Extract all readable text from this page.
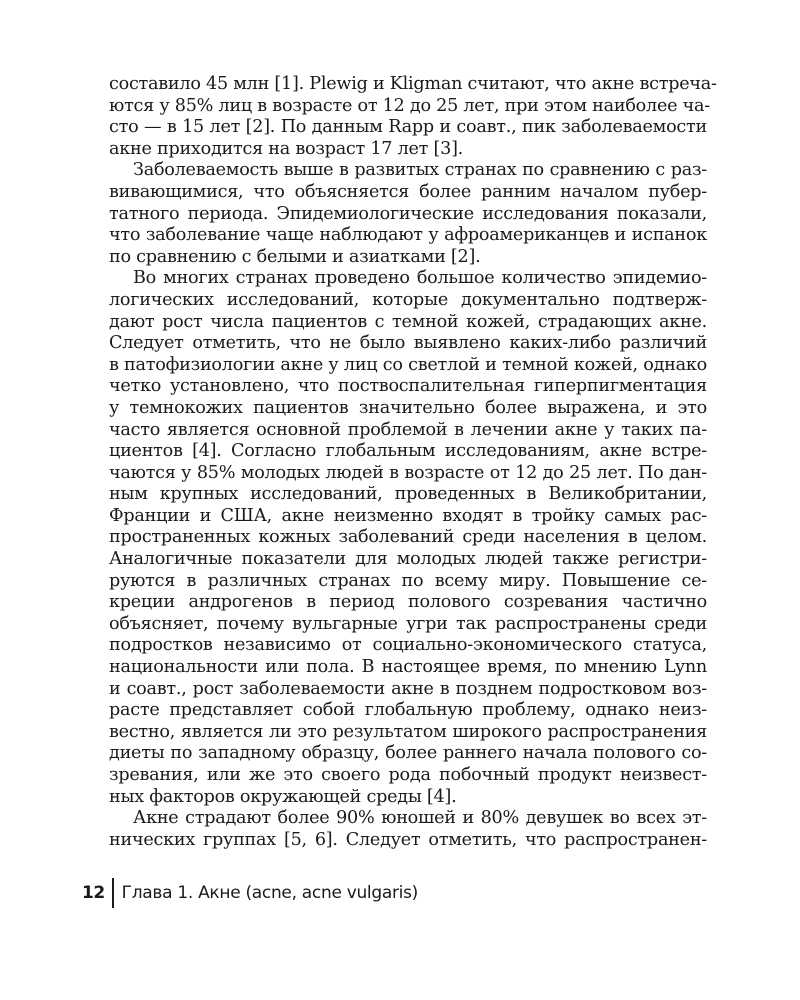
составило 45 млн [1]. Plewig и Kligman считают, что акне встреча-
ются у 85% лиц в возрасте от 12 до 25 лет, при этом наиболее ча-
сто — в 15 лет [2]. По данным Rapp и соавт., пик заболеваемости
акне приходится на возраст 17 лет [3].
Заболеваемость выше в развитых странах по сравнению с раз-
вивающимися, что объясняется более ранним началом пубер-
татного периода. Эпидемиологические исследования показали,
что заболевание чаще наблюдают у афроамериканцев и испанок
по сравнению с белыми и азиатками [2].
Во многих странах проведено большое количество эпидемио-
логических исследований, которые документально подтверж-
дают рост числа пациентов с темной кожей, страдающих акне.
Следует отметить, что не было выявлено каких-либо различий
в патофизиологии акне у лиц со светлой и темной кожей, однако
четко установлено, что поствоспалительная гиперпигментация
у темнокожих пациентов значительно более выражена, и это
часто является основной проблемой в лечении акне у таких па-
циентов [4]. Согласно глобальным исследованиям, акне встре-
чаются у 85% молодых людей в возрасте от 12 до 25 лет. По дан-
ным крупных исследований, проведенных в Великобритании,
Франции и США, акне неизменно входят в тройку самых рас-
пространенных кожных заболеваний среди населения в целом.
Аналогичные показатели для молодых людей также регистри-
руются в различных странах по всему миру. Повышение се-
креции андрогенов в период полового созревания частично
объясняет, почему вульгарные угри так распространены среди
подростков независимо от социально-экономического статуса,
национальности или пола. В настоящее время, по мнению Lynn
и соавт., рост заболеваемости акне в позднем подростковом воз-
расте представляет собой глобальную проблему, однако неиз-
вестно, является ли это результатом широкого распространения
диеты по западному образцу, более раннего начала полового со-
зревания, или же это своего рода побочный продукт неизвест-
ных факторов окружающей среды [4].
Акне страдают более 90% юношей и 80% девушек во всех эт-
нических группах [5, 6]. Следует отметить, что распространен-
12 Глава 1. Акне (acne, acne vulgaris)
